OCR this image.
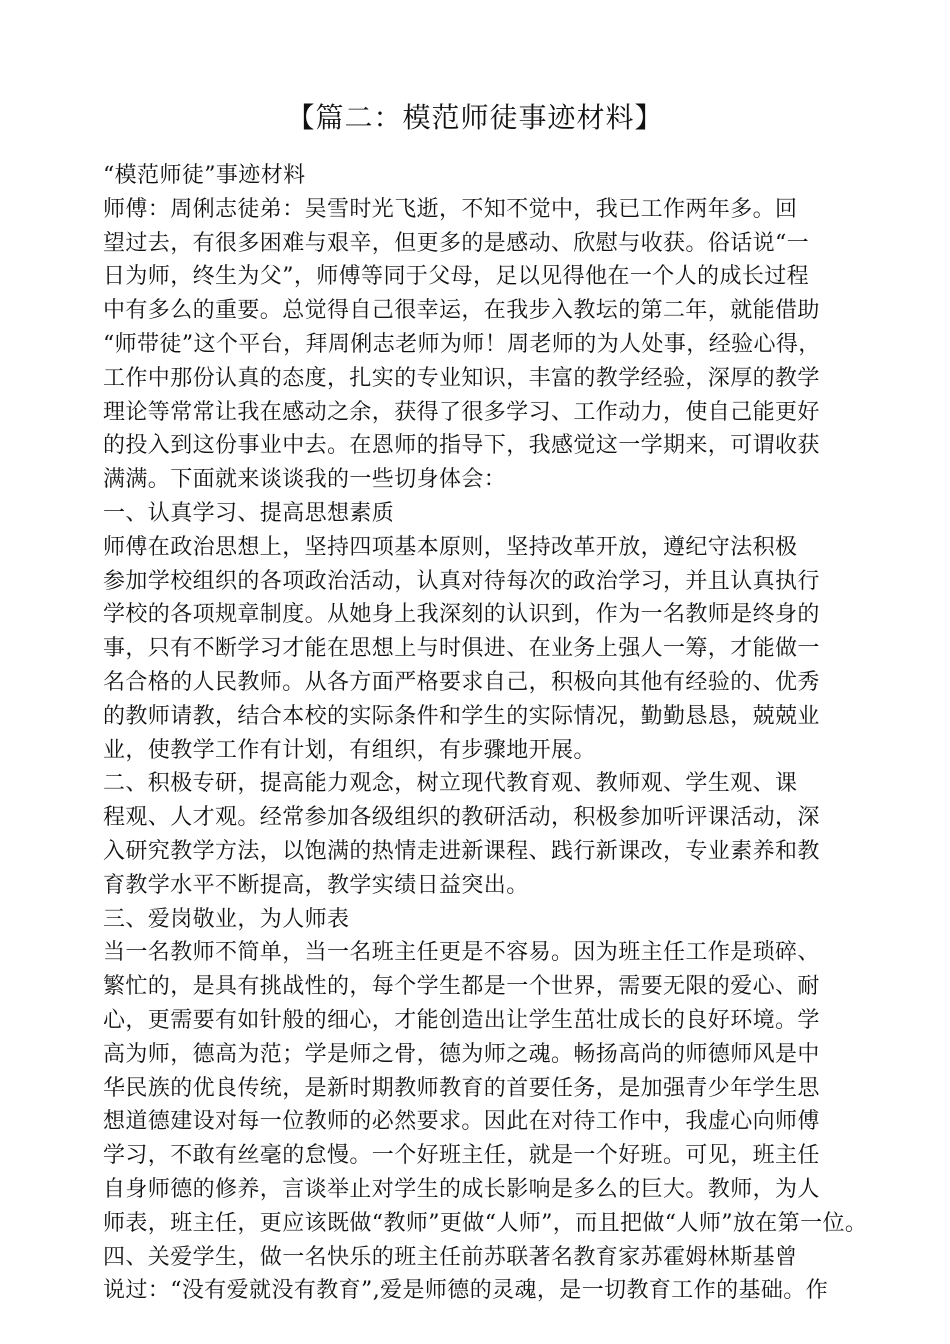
【篇二：模范师徒事迹材料】
“模范师徒”事迹材料
师傅：周俐志徒弟：吴雪时光飞逝，不知不觉中，我已工作两年多。回
望过去，有很多困难与艰辛，但更多的是感动、欣慰与收获。俗话说“一
日为师，终生为父”，师傅等同于父母，足以见得他在一个人的成长过程
中有多么的重要。总觉得自己很幸运，在我步入教坛的第二年，就能借助
“师带徒”这个平台，拜周俐志老师为师！周老师的为人处事，经验心得，
工作中那份认真的态度，扎实的专业知识，丰富的教学经验，深厚的教学
理论等常常让我在感动之余，获得了很多学习、工作动力，使自己能更好
的投入到这份事业中去。在恩师的指导下，我感觉这一学期来，可谓收获
满满。下面就来谈谈我的一些切身体会：
一、认真学习、提高思想素质
师傅在政治思想上，坚持四项基本原则，坚持改革开放，遵纪守法积极
参加学校组织的各项政治活动，认真对待每次的政治学习，并且认真执行
学校的各项规章制度。从她身上我深刻的认识到，作为一名教师是终身的
事，只有不断学习才能在思想上与时俱进、在业务上强人一筹，才能做一
名合格的人民教师。从各方面严格要求自己，积极向其他有经验的、优秀
的教师请教，结合本校的实际条件和学生的实际情况，勤勤恳恳，兢兢业
业，使教学工作有计划，有组织，有步骤地开展。
二、积极专研，提高能力观念，树立现代教育观、教师观、学生观、课
程观、人才观。经常参加各级组织的教研活动，积极参加听评课活动，深
入研究教学方法，以饱满的热情走进新课程、践行新课改，专业素养和教
育教学水平不断提高，教学实绩日益突出。
三、爱岗敬业，为人师表
当一名教师不简单，当一名班主任更是不容易。因为班主任工作是琐碎、
繁忙的，是具有挑战性的，每个学生都是一个世界，需要无限的爱心、耐
心，更需要有如针般的细心，才能创造出让学生茁壮成长的良好环境。学
高为师，德高为范；学是师之骨，德为师之魂。畅扬高尚的师德师风是中
华民族的优良传统，是新时期教师教育的首要任务，是加强青少年学生思
想道德建设对每一位教师的必然要求。因此在对待工作中，我虚心向师傅
学习，不敢有丝毫的怠慢。一个好班主任，就是一个好班。可见，班主任
自身师德的修养，言谈举止对学生的成长影响是多么的巨大。教师，为人
师表，班主任，更应该既做“教师”更做“人师”，而且把做“人师”放在第一位。
四、关爱学生，做一名快乐的班主任前苏联著名教育家苏霍姆林斯基曾
说过：“没有爱就没有教育”,爱是师德的灵魂，是一切教育工作的基础。作
